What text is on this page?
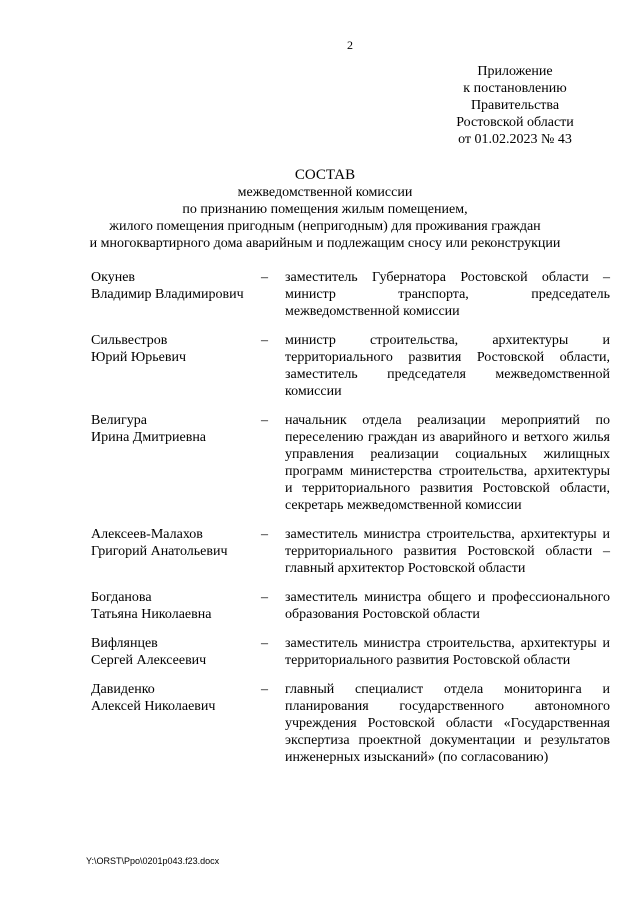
2
Приложение
к постановлению
Правительства
Ростовской области
от 01.02.2023 № 43
СОСТАВ
межведомственной комиссии
по признанию помещения жилым помещением,
жилого помещения пригодным (непригодным) для проживания граждан
и многоквартирного дома аварийным и подлежащим сносу или реконструкции
Окунев
Владимир Владимирович
–	заместитель Губернатора Ростовской области – министр транспорта, председатель межведомственной комиссии
Сильвестров
Юрий Юрьевич
–	министр строительства, архитектуры и территориального развития Ростовской области, заместитель председателя межведомственной комиссии
Велигура
Ирина Дмитриевна
–	начальник отдела реализации мероприятий по переселению граждан из аварийного и ветхого жилья управления реализации социальных жилищных программ министерства строительства, архитектуры и территориального развития Ростовской области, секретарь межведомственной комиссии
Алексеев-Малахов
Григорий Анатольевич
–	заместитель министра строительства, архитектуры и территориального развития Ростовской области – главный архитектор Ростовской области
Богданова
Татьяна Николаевна
–	заместитель министра общего и профессионального образования Ростовской области
Вифлянцев
Сергей Алексеевич
–	заместитель министра строительства, архитектуры и территориального развития Ростовской области
Давиденко
Алексей Николаевич
–	главный специалист отдела мониторинга и планирования государственного автономного учреждения Ростовской области «Государственная экспертиза проектной документации и результатов инженерных изысканий» (по согласованию)
Y:\ORST\Ppo\0201p043.f23.docx
